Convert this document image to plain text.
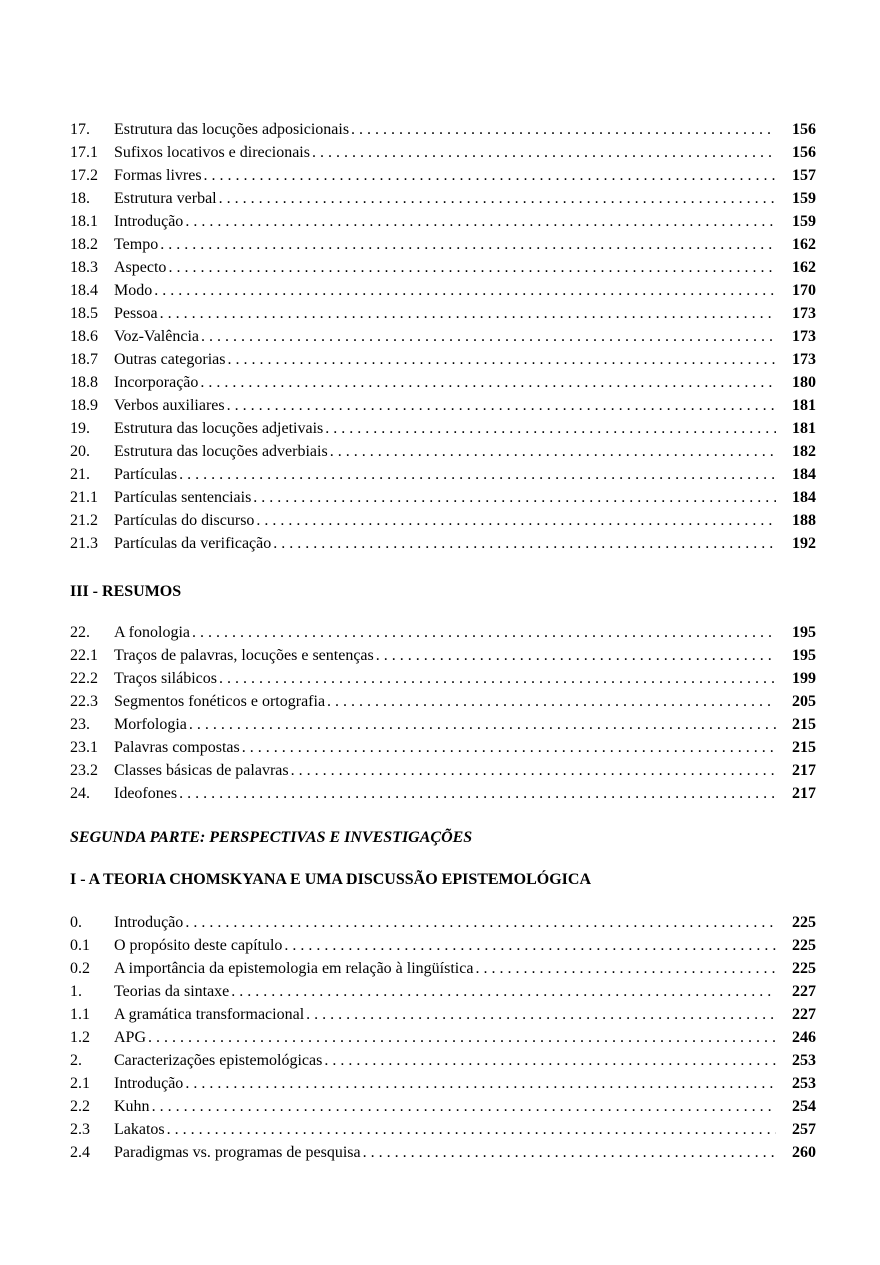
17.	Estrutura das locuções adposicionais . . .	156
17.1	Sufixos locativos e direcionais . . .	156
17.2	Formas livres . . .	157
18.	Estrutura verbal . . .	159
18.1	Introdução . . .	159
18.2	Tempo . . .	162
18.3	Aspecto . . .	162
18.4	Modo . . .	170
18.5	Pessoa . . .	173
18.6	Voz-Valência . . .	173
18.7	Outras categorias . . .	173
18.8	Incorporação . . .	180
18.9	Verbos auxiliares . . .	181
19.	Estrutura das locuções adjetivais . . .	181
20.	Estrutura das locuções adverbiais . . .	182
21.	Partículas . . .	184
21.1	Partículas sentenciais . . .	184
21.2	Partículas do discurso . . .	188
21.3	Partículas da verificação . . .	192
III - RESUMOS
22.	A fonologia . . .	195
22.1	Traços de palavras, locuções e sentenças . . .	195
22.2	Traços silábicos . . .	199
22.3	Segmentos fonéticos e ortografia . . .	205
23.	Morfologia . . .	215
23.1	Palavras compostas . . .	215
23.2	Classes básicas de palavras . . .	217
24.	Ideofones . . .	217
SEGUNDA PARTE: PERSPECTIVAS E INVESTIGAÇÕES
I - A TEORIA CHOMSKYANA E UMA DISCUSSÃO EPISTEMOLÓGICA
0.	Introdução . . .	225
0.1	O propósito deste capítulo . . .	225
0.2	A importância da epistemologia em relação à lingüística . . .	225
1.	Teorias da sintaxe . . .	227
1.1	A gramática transformacional . . .	227
1.2	APG . . .	246
2.	Caracterizações epistemológicas . . .	253
2.1	Introdução . . .	253
2.2	Kuhn . . .	254
2.3	Lakatos . . .	257
2.4	Paradigmas vs. programas de pesquisa . . .	260
